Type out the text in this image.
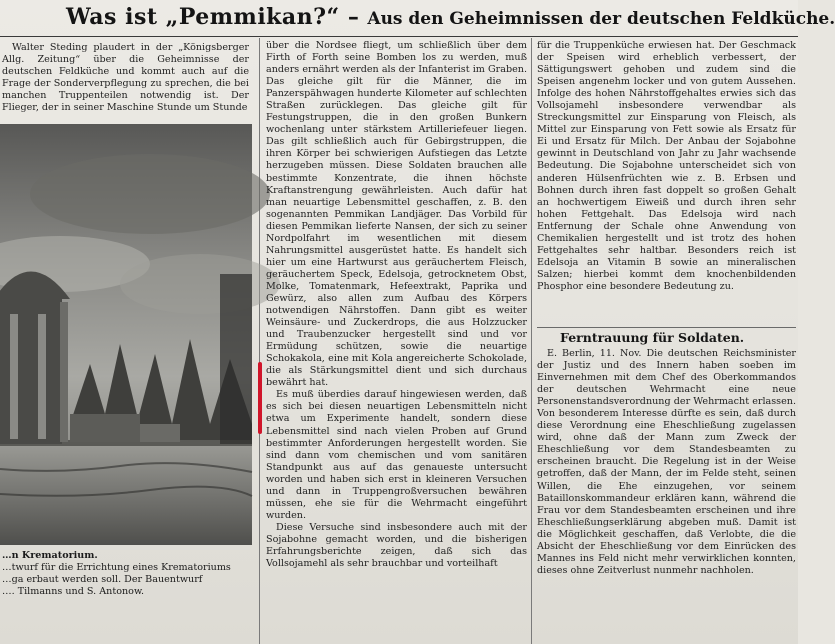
Was ist „Pemmikan?“ – Aus den Geheimnissen der deutschen Feldküche.

Walter Steding plaudert in der „Königsberger Allg. Zeitung“ über die Geheimnisse der deutschen Feldküche und kommt auch auf die Frage der Sonderverpflegung zu sprechen, die bei manchen Truppenteilen notwendig ist. Der Flieger, der in seiner Maschine Stunde um Stunde

…n Krematorium.
…twurf für die Errichtung eines Krematoriums
…ga erbaut werden soll. Der Bauentwurf
…. Tilmanns und S. Antonow.

über die Nordsee fliegt, um schließlich über dem Firth of Forth seine Bomben los zu werden, muß anders ernährt werden als der Infanterist im Graben. Das gleiche gilt für die Männer, die im Panzerspähwagen hunderte Kilometer auf schlechten Straßen zurücklegen. Das gleiche gilt für Festungstruppen, die in den großen Bunkern wochenlang unter stärkstem Artilleriefeuer liegen. Das gilt schließlich auch für Gebirgstruppen, die ihren Körper bei schwierigen Aufstiegen das Letzte herzugeben müssen. Diese Soldaten brauchen alle bestimmte Konzentrate, die ihnen höchste Kraftanstrengung gewährleisten. Auch dafür hat man neuartige Lebensmittel geschaffen, z. B. den sogenannten Pemmikan Landjäger. Das Vorbild für diesen Pemmikan lieferte Nansen, der sich zu seiner Nordpolfahrt im wesentlichen mit diesem Nahrungsmittel ausgerüstet hatte. Es handelt sich hier um eine Hartwurst aus geräuchertem Fleisch, geräuchertem Speck, Edelsoja, getrocknetem Obst, Molke, Tomatenmark, Hefeextrakt, Paprika und Gewürz, also allen zum Aufbau des Körpers notwendigen Nährstoffen. Dann gibt es weiter Weinsäure- und Zuckerdrops, die aus Holzzucker und Traubenzucker hergestellt sind und vor Ermüdung schützen, sowie die neuartige Schokakola, eine mit Kola angereicherte Schokolade, die als Stärkungsmittel dient und sich durchaus bewährt hat.

Es muß überdies darauf hingewiesen werden, daß es sich bei diesen neuartigen Lebensmitteln nicht etwa um Experimente handelt, sondern diese Lebensmittel sind nach vielen Proben auf Grund bestimmter Anforderungen hergestellt worden. Sie sind dann vom chemischen und vom sanitären Standpunkt aus auf das genaueste untersucht worden und haben sich erst in kleineren Versuchen und dann in Truppengroßversuchen bewähren müssen, ehe sie für die Wehrmacht eingeführt wurden.

Diese Versuche sind insbesondere auch mit der Sojabohne gemacht worden, und die bisherigen Erfahrungsberichte zeigen, daß sich das Vollsojamehl als sehr brauchbar und vorteilhaft

für die Truppenküche erwiesen hat. Der Geschmack der Speisen wird erheblich verbessert, der Sättigungswert gehoben und zudem sind die Speisen angenehm locker und von gutem Aussehen. Infolge des hohen Nährstoffgehaltes erwies sich das Vollsojamehl insbesondere verwendbar als Streckungsmittel zur Einsparung von Fleisch, als Mittel zur Einsparung von Fett sowie als Ersatz für Ei und Ersatz für Milch. Der Anbau der Sojabohne gewinnt in Deutschland von Jahr zu Jahr wachsende Bedeutung. Die Sojabohne unterscheidet sich von anderen Hülsenfrüchten wie z. B. Erbsen und Bohnen durch ihren fast doppelt so großen Gehalt an hochwertigem Eiweiß und durch ihren sehr hohen Fettgehalt. Das Edelsoja wird nach Entfernung der Schale ohne Anwendung von Chemikalien hergestellt und ist trotz des hohen Fettgehaltes sehr haltbar. Besonders reich ist Edelsoja an Vitamin B sowie an mineralischen Salzen; hierbei kommt dem knochenbildenden Phosphor eine besondere Bedeutung zu.

Ferntrauung für Soldaten.

E. Berlin, 11. Nov. Die deutschen Reichsminister der Justiz und des Innern haben soeben im Einvernehmen mit dem Chef des Oberkommandos der deutschen Wehrmacht eine neue Personenstandsverordnung der Wehrmacht erlassen. Von besonderem Interesse dürfte es sein, daß durch diese Verordnung eine Eheschließung zugelassen wird, ohne daß der Mann zum Zweck der Eheschließung vor dem Standesbeamten zu erscheinen braucht. Die Regelung ist in der Weise getroffen, daß der Mann, der im Felde steht, seinen Willen, die Ehe einzugehen, vor seinem Bataillonskommandeur erklären kann, während die Frau vor dem Standesbeamten erscheinen und ihre Eheschließungserklärung abgeben muß. Damit ist die Möglichkeit geschaffen, daß Verlobte, die die Absicht der Eheschließung vor dem Einrücken des Mannes ins Feld nicht mehr verwirklichen konnten, dieses ohne Zeitverlust nunmehr nachholen.
